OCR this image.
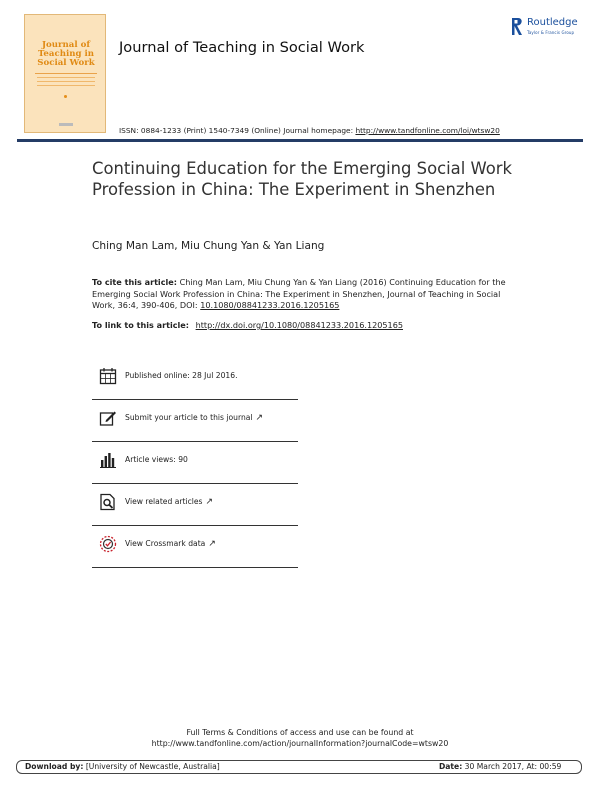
Journal of Teaching in Social Work
Journal of Teaching in Social Work
Routledge
Taylor & Francis Group
ISSN: 0884-1233 (Print) 1540-7349 (Online) Journal homepage: http://www.tandfonline.com/loi/wtsw20
Continuing Education for the Emerging Social Work Profession in China: The Experiment in Shenzhen
Ching Man Lam, Miu Chung Yan & Yan Liang
To cite this article: Ching Man Lam, Miu Chung Yan & Yan Liang (2016) Continuing Education for the Emerging Social Work Profession in China: The Experiment in Shenzhen, Journal of Teaching in Social Work, 36:4, 390-406, DOI: 10.1080/08841233.2016.1205165
To link to this article: http://dx.doi.org/10.1080/08841233.2016.1205165
Published online: 28 Jul 2016.
Submit your article to this journal ↗
Article views: 90
View related articles ↗
View Crossmark data ↗
Full Terms & Conditions of access and use can be found at
http://www.tandfonline.com/action/journalInformation?journalCode=wtsw20
Download by: [University of Newcastle, Australia]	Date: 30 March 2017, At: 00:59
